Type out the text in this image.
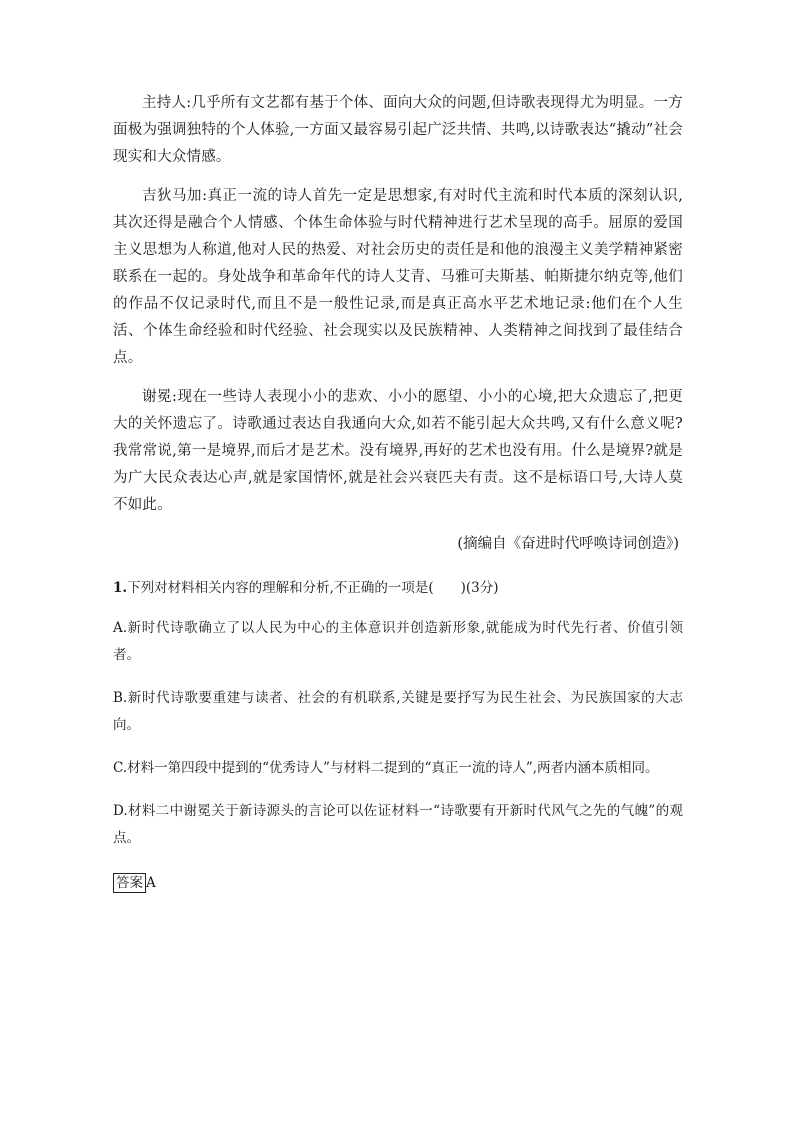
主持人:几乎所有文艺都有基于个体、面向大众的问题,但诗歌表现得尤为明显。一方面极为强调独特的个人体验,一方面又最容易引起广泛共情、共鸣,以诗歌表达“撬动”社会现实和大众情感。

吉狄马加:真正一流的诗人首先一定是思想家,有对时代主流和时代本质的深刻认识,其次还得是融合个人情感、个体生命体验与时代精神进行艺术呈现的高手。屈原的爱国主义思想为人称道,他对人民的热爱、对社会历史的责任是和他的浪漫主义美学精神紧密联系在一起的。身处战争和革命年代的诗人艾青、马雅可夫斯基、帕斯捷尔纳克等,他们的作品不仅记录时代,而且不是一般性记录,而是真正高水平艺术地记录:他们在个人生活、个体生命经验和时代经验、社会现实以及民族精神、人类精神之间找到了最佳结合点。

谢冕:现在一些诗人表现小小的悲欢、小小的愿望、小小的心境,把大众遗忘了,把更大的关怀遗忘了。诗歌通过表达自我通向大众,如若不能引起大众共鸣,又有什么意义呢?我常常说,第一是境界,而后才是艺术。没有境界,再好的艺术也没有用。什么是境界?就是为广大民众表达心声,就是家国情怀,就是社会兴衰匹夫有责。这不是标语口号,大诗人莫不如此。

(摘编自《奋进时代呼唤诗词创造》)
1.下列对材料相关内容的理解和分析,不正确的一项是(　　)(3分)
A.新时代诗歌确立了以人民为中心的主体意识并创造新形象,就能成为时代先行者、价值引领者。
B.新时代诗歌要重建与读者、社会的有机联系,关键是要抒写为民生社会、为民族国家的大志向。
C.材料一第四段中提到的“优秀诗人”与材料二提到的“真正一流的诗人”,两者内涵本质相同。
D.材料二中谢冕关于新诗源头的言论可以佐证材料一“诗歌要有开新时代风气之先的气魄”的观点。
答案 A
